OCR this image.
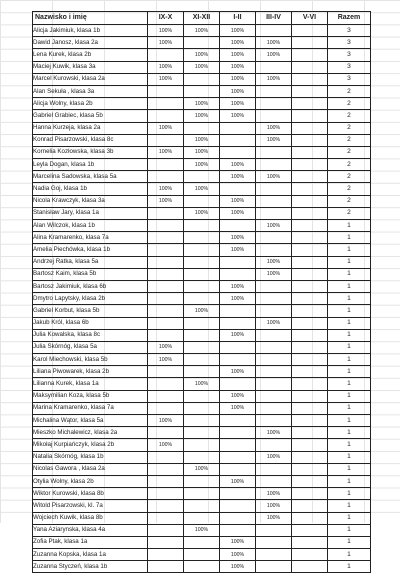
Nazwisko i imię	IX-X	XI-XII	I-II	III-IV	V-VI	Razem
Alicja Jakimiuk, klasa 1b	100%	100%	100%			3
Dawid Janosz, klasa 2a	100%		100%	100%		3
Lena Kurek, klasa 2b		100%	100%	100%		3
Maciej Kuwik, klasa 3a	100%	100%	100%			3
Marcel Kurowski, klasa 2a	100%		100%	100%		3
Alan Sekuła , klasa 3a			100%			2
Alicja Wolny, klasa 2b		100%	100%			2
Gabriel Grabiec, klasa 5b		100%	100%			2
Hanna Kurzeja, klasa 2a	100%			100%		2
Konrad Pisarzowski, klasa 8c		100%		100%		2
Kornelia Kozłowska, klasa 3b	100%	100%				2
Leyla Dogan, klasa 1b		100%	100%			2
Marcelina Sadowska, klasa 5a			100%	100%		2
Nadia Goj, klasa 1b	100%	100%				2
Nicola Krawczyk, klasa 3a	100%		100%			2
Stanisław Jary, klasa 1a		100%	100%			2
Alan Wilczok, klasa 1b				100%		1
Alina Kramarenko, klasa 7a			100%			1
Amelia Piechówka, klasa 1b			100%			1
Andrzej Ratka, klasa 5a				100%		1
Bartosz Kaim, klasa 5b				100%		1
Bartosz Jakimiuk, klasa 6b			100%			1
Dmytro Lapytsky, klasa 2b			100%			1
Gabriel Korbut, klasa 5b		100%				1
Jakub Król, klasa 6b				100%		1
Julia Kowalska, klasa 8c			100%			1
Julia Skórnóg, klasa 5a	100%					1
Karol Miechowski, klasa 5b	100%					1
Liliana Piwowarek, klasa 2b			100%			1
Lilianna Kurek, klasa 1a		100%				1
Maksymilian Koza, klasa 5b			100%			1
Marina Kramarenko, klasa 7a			100%			1
Michalina Wątor, klasa 5a	100%					1
Mieszko Michalewicz, klasa 2a				100%		1
Mikołaj Kurpiańczyk, klasa 2b	100%					1
Natalia Skórnóg, klasa 1b				100%		1
Nicolas Gawora , klasa 2a		100%				1
Otylia Wolny, klasa 2b			100%			1
Wiktor Kurowski, klasa 8b				100%		1
Witold Pisarzowski, kl. 7a				100%		1
Wojciech Kuwik, klasa 8b				100%		1
Yana Aziarynska, klasa 4a		100%				1
Zofia Ptak, klasa 1a			100%			1
Zuzanna Kopska, klasa 1a			100%			1
Zuzanna Styczeń, klasa 1b			100%			1
